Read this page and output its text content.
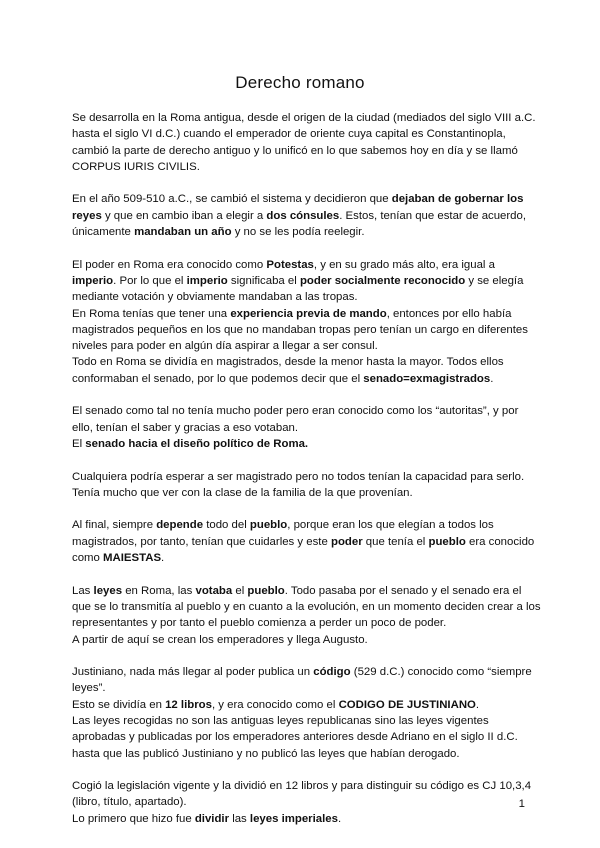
Derecho romano

Se desarrolla en la Roma antigua, desde el origen de la ciudad (mediados del siglo VIII a.C. hasta el siglo VI d.C.) cuando el emperador de oriente cuya capital es Constantinopla, cambió la parte de derecho antiguo y lo unificó en lo que sabemos hoy en día y se llamó CORPUS IURIS CIVILIS.

En el año 509-510 a.C., se cambió el sistema y decidieron que dejaban de gobernar los reyes y que en cambio iban a elegir a dos cónsules. Estos, tenían que estar de acuerdo, únicamente mandaban un año y no se les podía reelegir.

El poder en Roma era conocido como Potestas, y en su grado más alto, era igual a imperio. Por lo que el imperio significaba el poder socialmente reconocido y se elegía mediante votación y obviamente mandaban a las tropas.

En Roma tenías que tener una experiencia previa de mando, entonces por ello había magistrados pequeños en los que no mandaban tropas pero tenían un cargo en diferentes niveles para poder en algún día aspirar a llegar a ser consul.

Todo en Roma se dividía en magistrados, desde la menor hasta la mayor. Todos ellos conformaban el senado, por lo que podemos decir que el senado=exmagistrados.

El senado como tal no tenía mucho poder pero eran conocido como los “autoritas”, y por ello, tenían el saber y gracias a eso votaban.

El senado hacia el diseño político de Roma.

Cualquiera podría esperar a ser magistrado pero no todos tenían la capacidad para serlo. Tenía mucho que ver con la clase de la familia de la que provenían.

Al final, siempre depende todo del pueblo, porque eran los que elegían a todos los magistrados, por tanto, tenían que cuidarles y este poder que tenía el pueblo era conocido como MAIESTAS.

Las leyes en Roma, las votaba el pueblo. Todo pasaba por el senado y el senado era el que se lo transmitía al pueblo y en cuanto a la evolución, en un momento deciden crear a los representantes y por tanto el pueblo comienza a perder un poco de poder.

A partir de aquí se crean los emperadores y llega Augusto.

Justiniano, nada más llegar al poder publica un código (529 d.C.) conocido como “siempre leyes”.

Esto se dividía en 12 libros, y era conocido como el CODIGO DE JUSTINIANO.

Las leyes recogidas no son las antiguas leyes republicanas sino las leyes vigentes aprobadas y publicadas por los emperadores anteriores desde Adriano en el siglo II d.C. hasta que las publicó Justiniano y no publicó las leyes que habían derogado.

Cogió la legislación vigente y la dividió en 12 libros y para distinguir su código es CJ 10,3,4 (libro, título, apartado).

Lo primero que hizo fue dividir las leyes imperiales.

1
